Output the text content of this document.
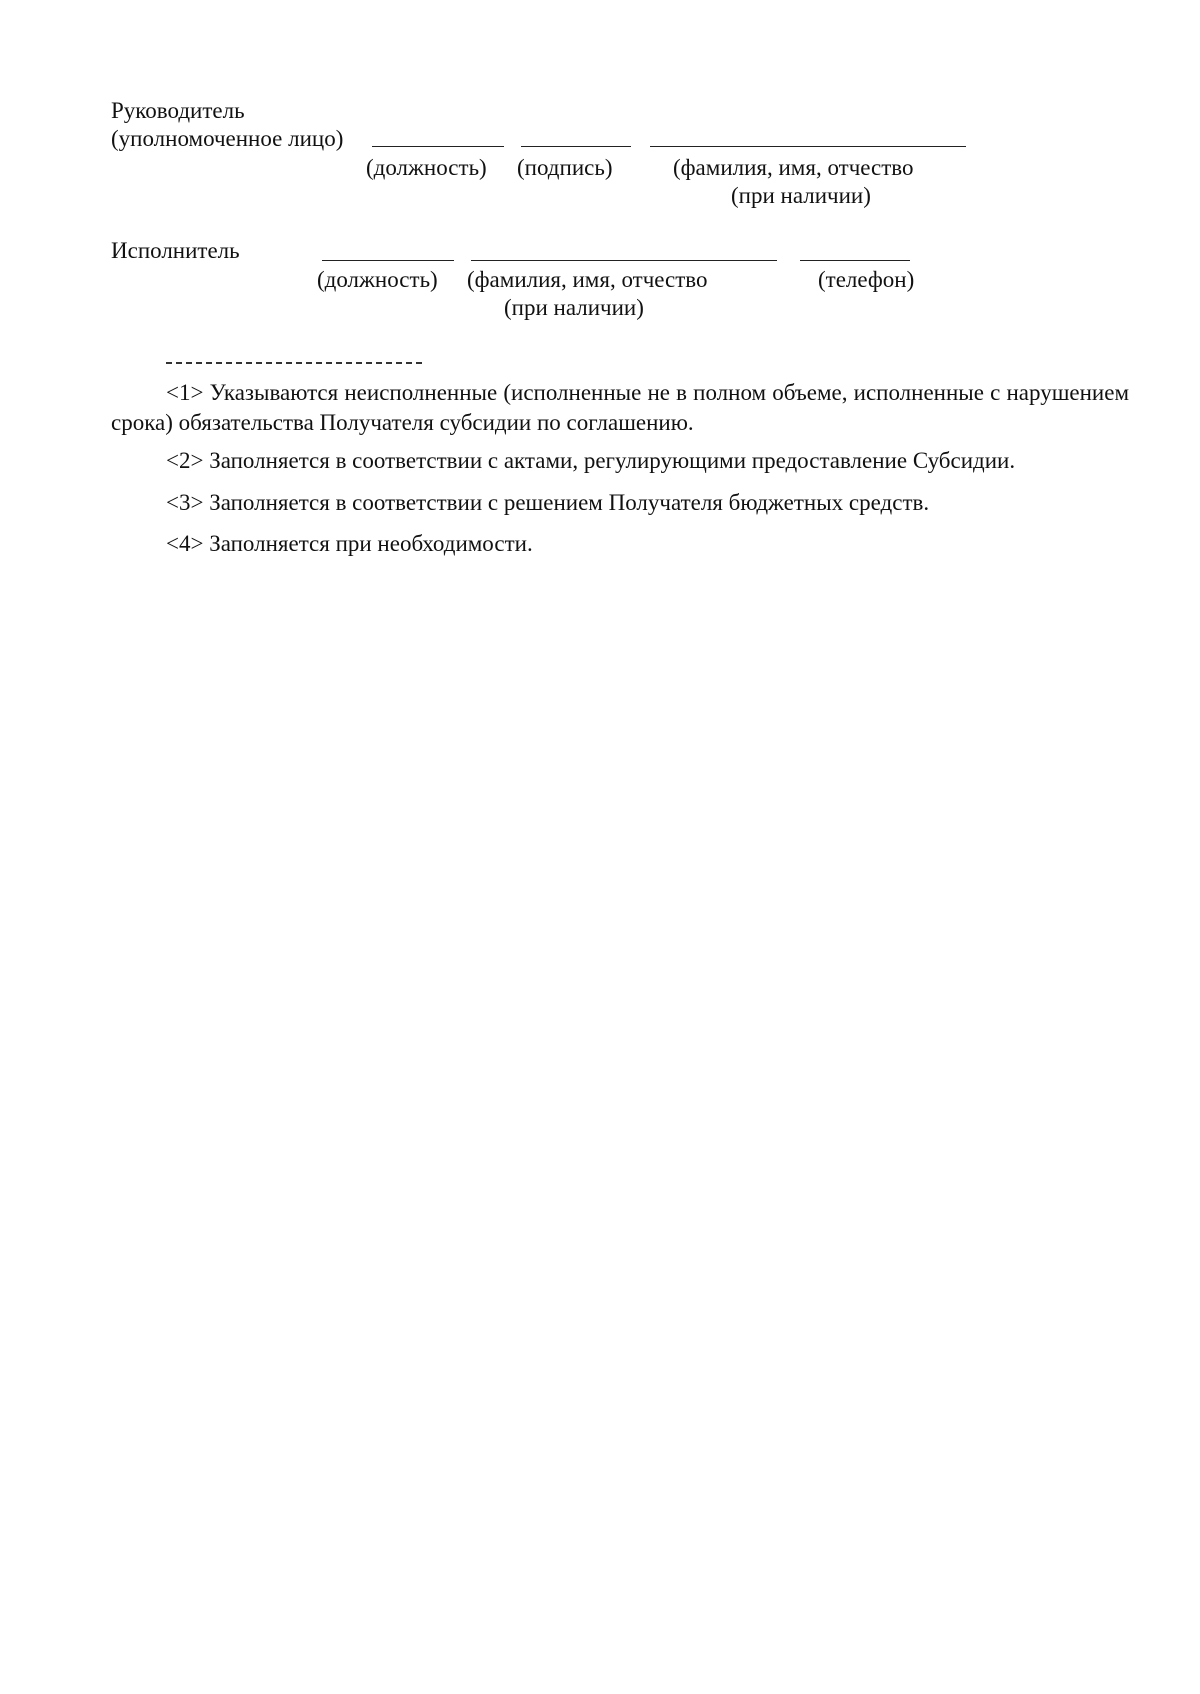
Руководитель
(уполномоченное лицо)
(должность) (подпись)	(фамилия, имя, отчество
(при наличии)
Исполнитель
(должность) (фамилия, имя, отчество
(при наличии)
(телефон)
<1> Указываются неисполненные (исполненные не в полном объеме, исполненные с нарушением срока) обязательства Получателя субсидии по соглашению.
<2> Заполняется в соответствии с актами, регулирующими предоставление Субсидии.
<3> Заполняется в соответствии с решением Получателя бюджетных средств.
<4> Заполняется при необходимости.
